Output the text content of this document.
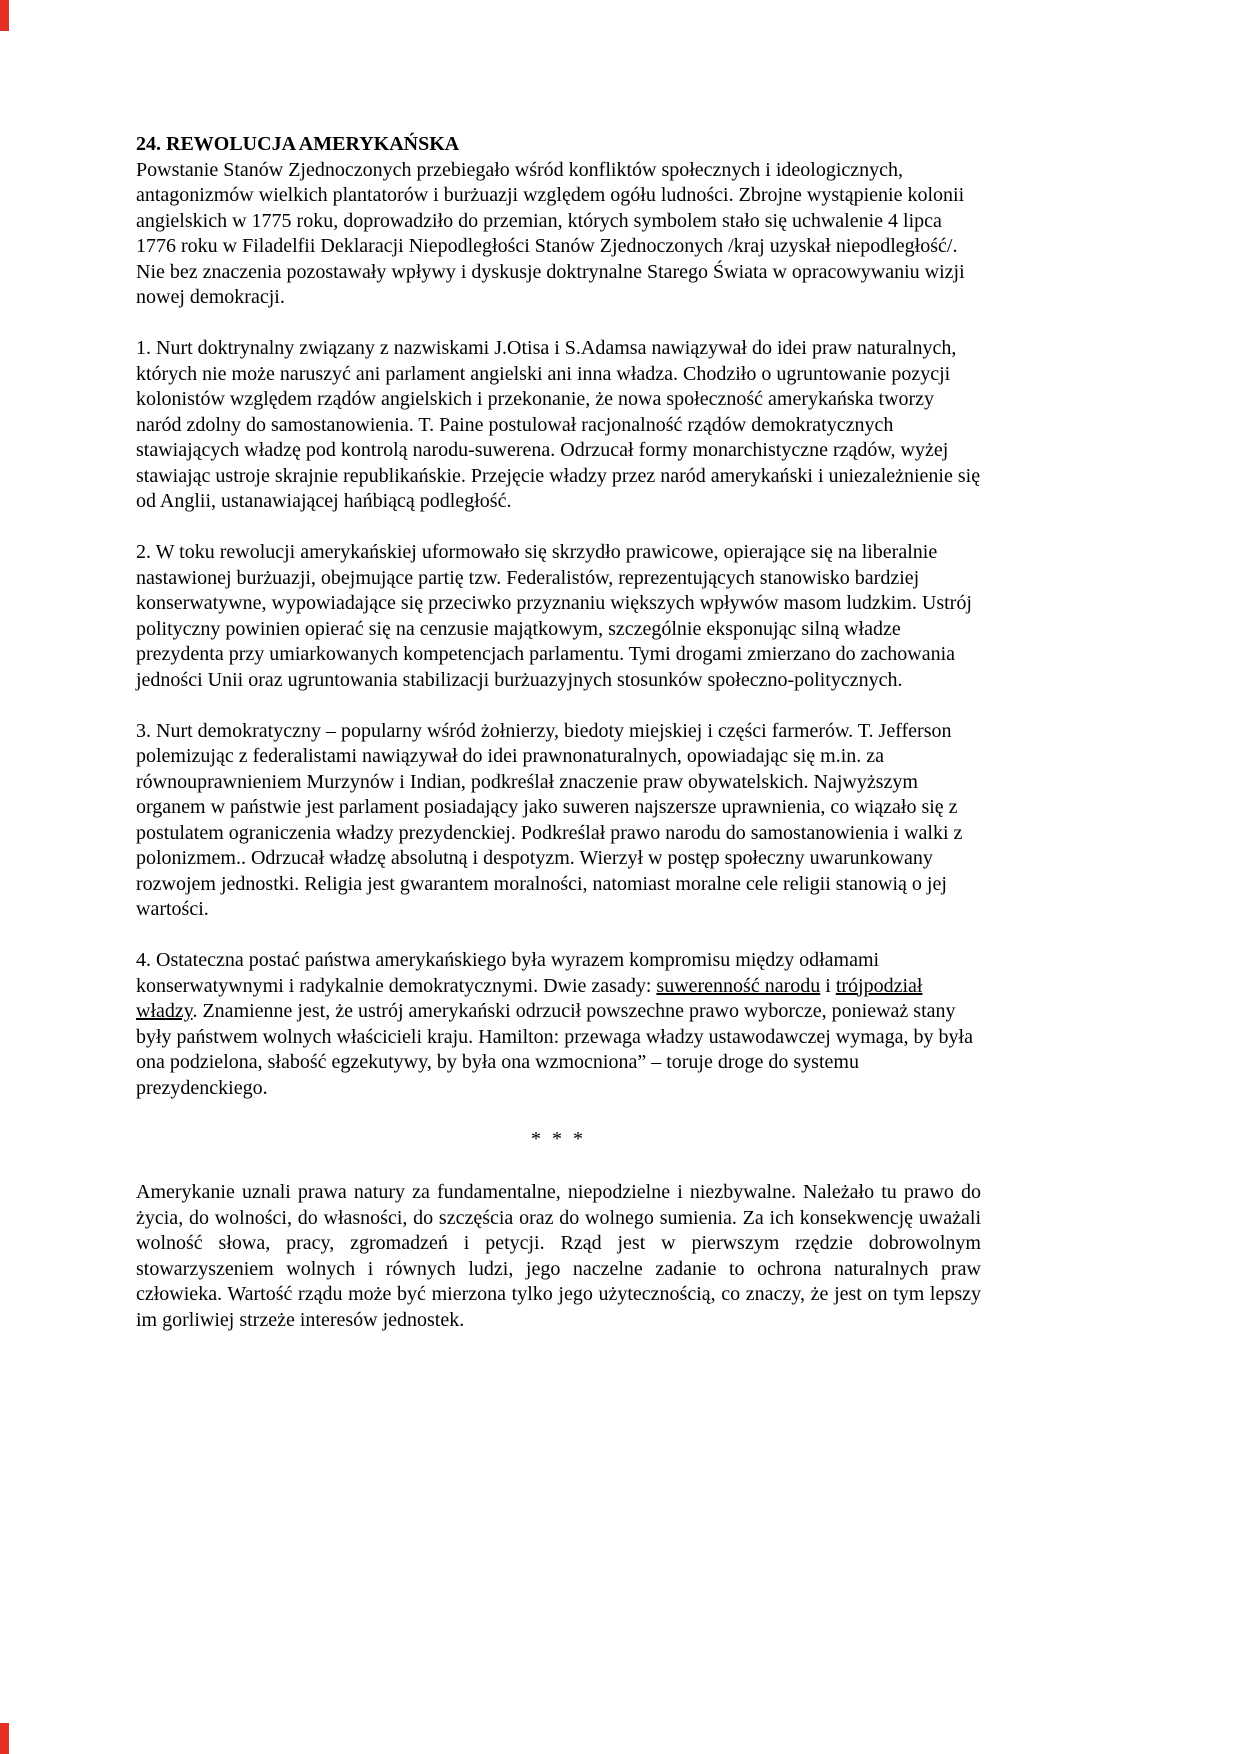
24. REWOLUCJA AMERYKAŃSKA

Powstanie Stanów Zjednoczonych przebiegało wśród konfliktów społecznych i ideologicznych, antagonizmów wielkich plantatorów i burżuazji względem ogółu ludności. Zbrojne wystąpienie kolonii angielskich w 1775 roku, doprowadziło do przemian, których symbolem stało się uchwalenie 4 lipca 1776 roku w Filadelfii Deklaracji Niepodległości Stanów Zjednoczonych /kraj uzyskał niepodległość/. Nie bez znaczenia pozostawały wpływy i dyskusje doktrynalne Starego Świata w opracowywaniu wizji nowej demokracji.

1. Nurt doktrynalny związany z nazwiskami J.Otisa i S.Adamsa nawiązywał do idei praw naturalnych, których nie może naruszyć ani parlament angielski ani inna władza. Chodziło o ugruntowanie pozycji kolonistów względem rządów angielskich i przekonanie, że nowa społeczność amerykańska tworzy naród zdolny do samostanowienia. T. Paine postulował racjonalność rządów demokratycznych stawiających władzę pod kontrolą narodu-suwerena. Odrzucał formy monarchistyczne rządów, wyżej stawiając ustroje skrajnie republikańskie. Przejęcie władzy przez naród amerykański i uniezależnienie się od Anglii, ustanawiającej hańbiącą podległość.

2. W toku rewolucji amerykańskiej uformowało się skrzydło prawicowe, opierające się na liberalnie nastawionej burżuazji, obejmujące partię tzw. Federalistów, reprezentujących stanowisko bardziej konserwatywne, wypowiadające się przeciwko przyznaniu większych wpływów masom ludzkim. Ustrój polityczny powinien opierać się na cenzusie majątkowym, szczególnie eksponując silną władze prezydenta przy umiarkowanych kompetencjach parlamentu. Tymi drogami zmierzano do zachowania jedności Unii oraz ugruntowania stabilizacji burżuazyjnych stosunków społeczno-politycznych.

3. Nurt demokratyczny – popularny wśród żołnierzy, biedoty miejskiej i części farmerów. T. Jefferson polemizując z federalistami nawiązywał do idei prawnonaturalnych, opowiadając się m.in. za równouprawnieniem Murzynów i Indian, podkreślał znaczenie praw obywatelskich. Najwyższym organem w państwie jest parlament posiadający jako suweren najszersze uprawnienia, co wiązało się z postulatem ograniczenia władzy prezydenckiej. Podkreślał prawo narodu do samostanowienia i walki z polonizmem.. Odrzucał władzę absolutną i despotyzm. Wierzył w postęp społeczny uwarunkowany rozwojem jednostki. Religia jest gwarantem moralności, natomiast moralne cele religii stanowią o jej wartości.

4. Ostateczna postać państwa amerykańskiego była wyrazem kompromisu między odłamami konserwatywnymi i radykalnie demokratycznymi. Dwie zasady: suwerenność narodu i trójpodział władzy. Znamienne jest, że ustrój amerykański odrzucił powszechne prawo wyborcze, ponieważ stany były państwem wolnych właścicieli kraju. Hamilton: przewaga władzy ustawodawczej wymaga, by była ona podzielona, słabość egzekutywy, by była ona wzmocniona” – toruje droge do systemu prezydenckiego.

* * *

Amerykanie uznali prawa natury za fundamentalne, niepodzielne i niezbywalne. Należało tu prawo do życia, do wolności, do własności, do szczęścia oraz do wolnego sumienia. Za ich konsekwencję uważali wolność słowa, pracy, zgromadzeń i petycji. Rząd jest w pierwszym rzędzie dobrowolnym stowarzyszeniem wolnych i równych ludzi, jego naczelne zadanie to ochrona naturalnych praw człowieka. Wartość rządu może być mierzona tylko jego użytecznością, co znaczy, że jest on tym lepszy im gorliwiej strzeże interesów jednostek.
